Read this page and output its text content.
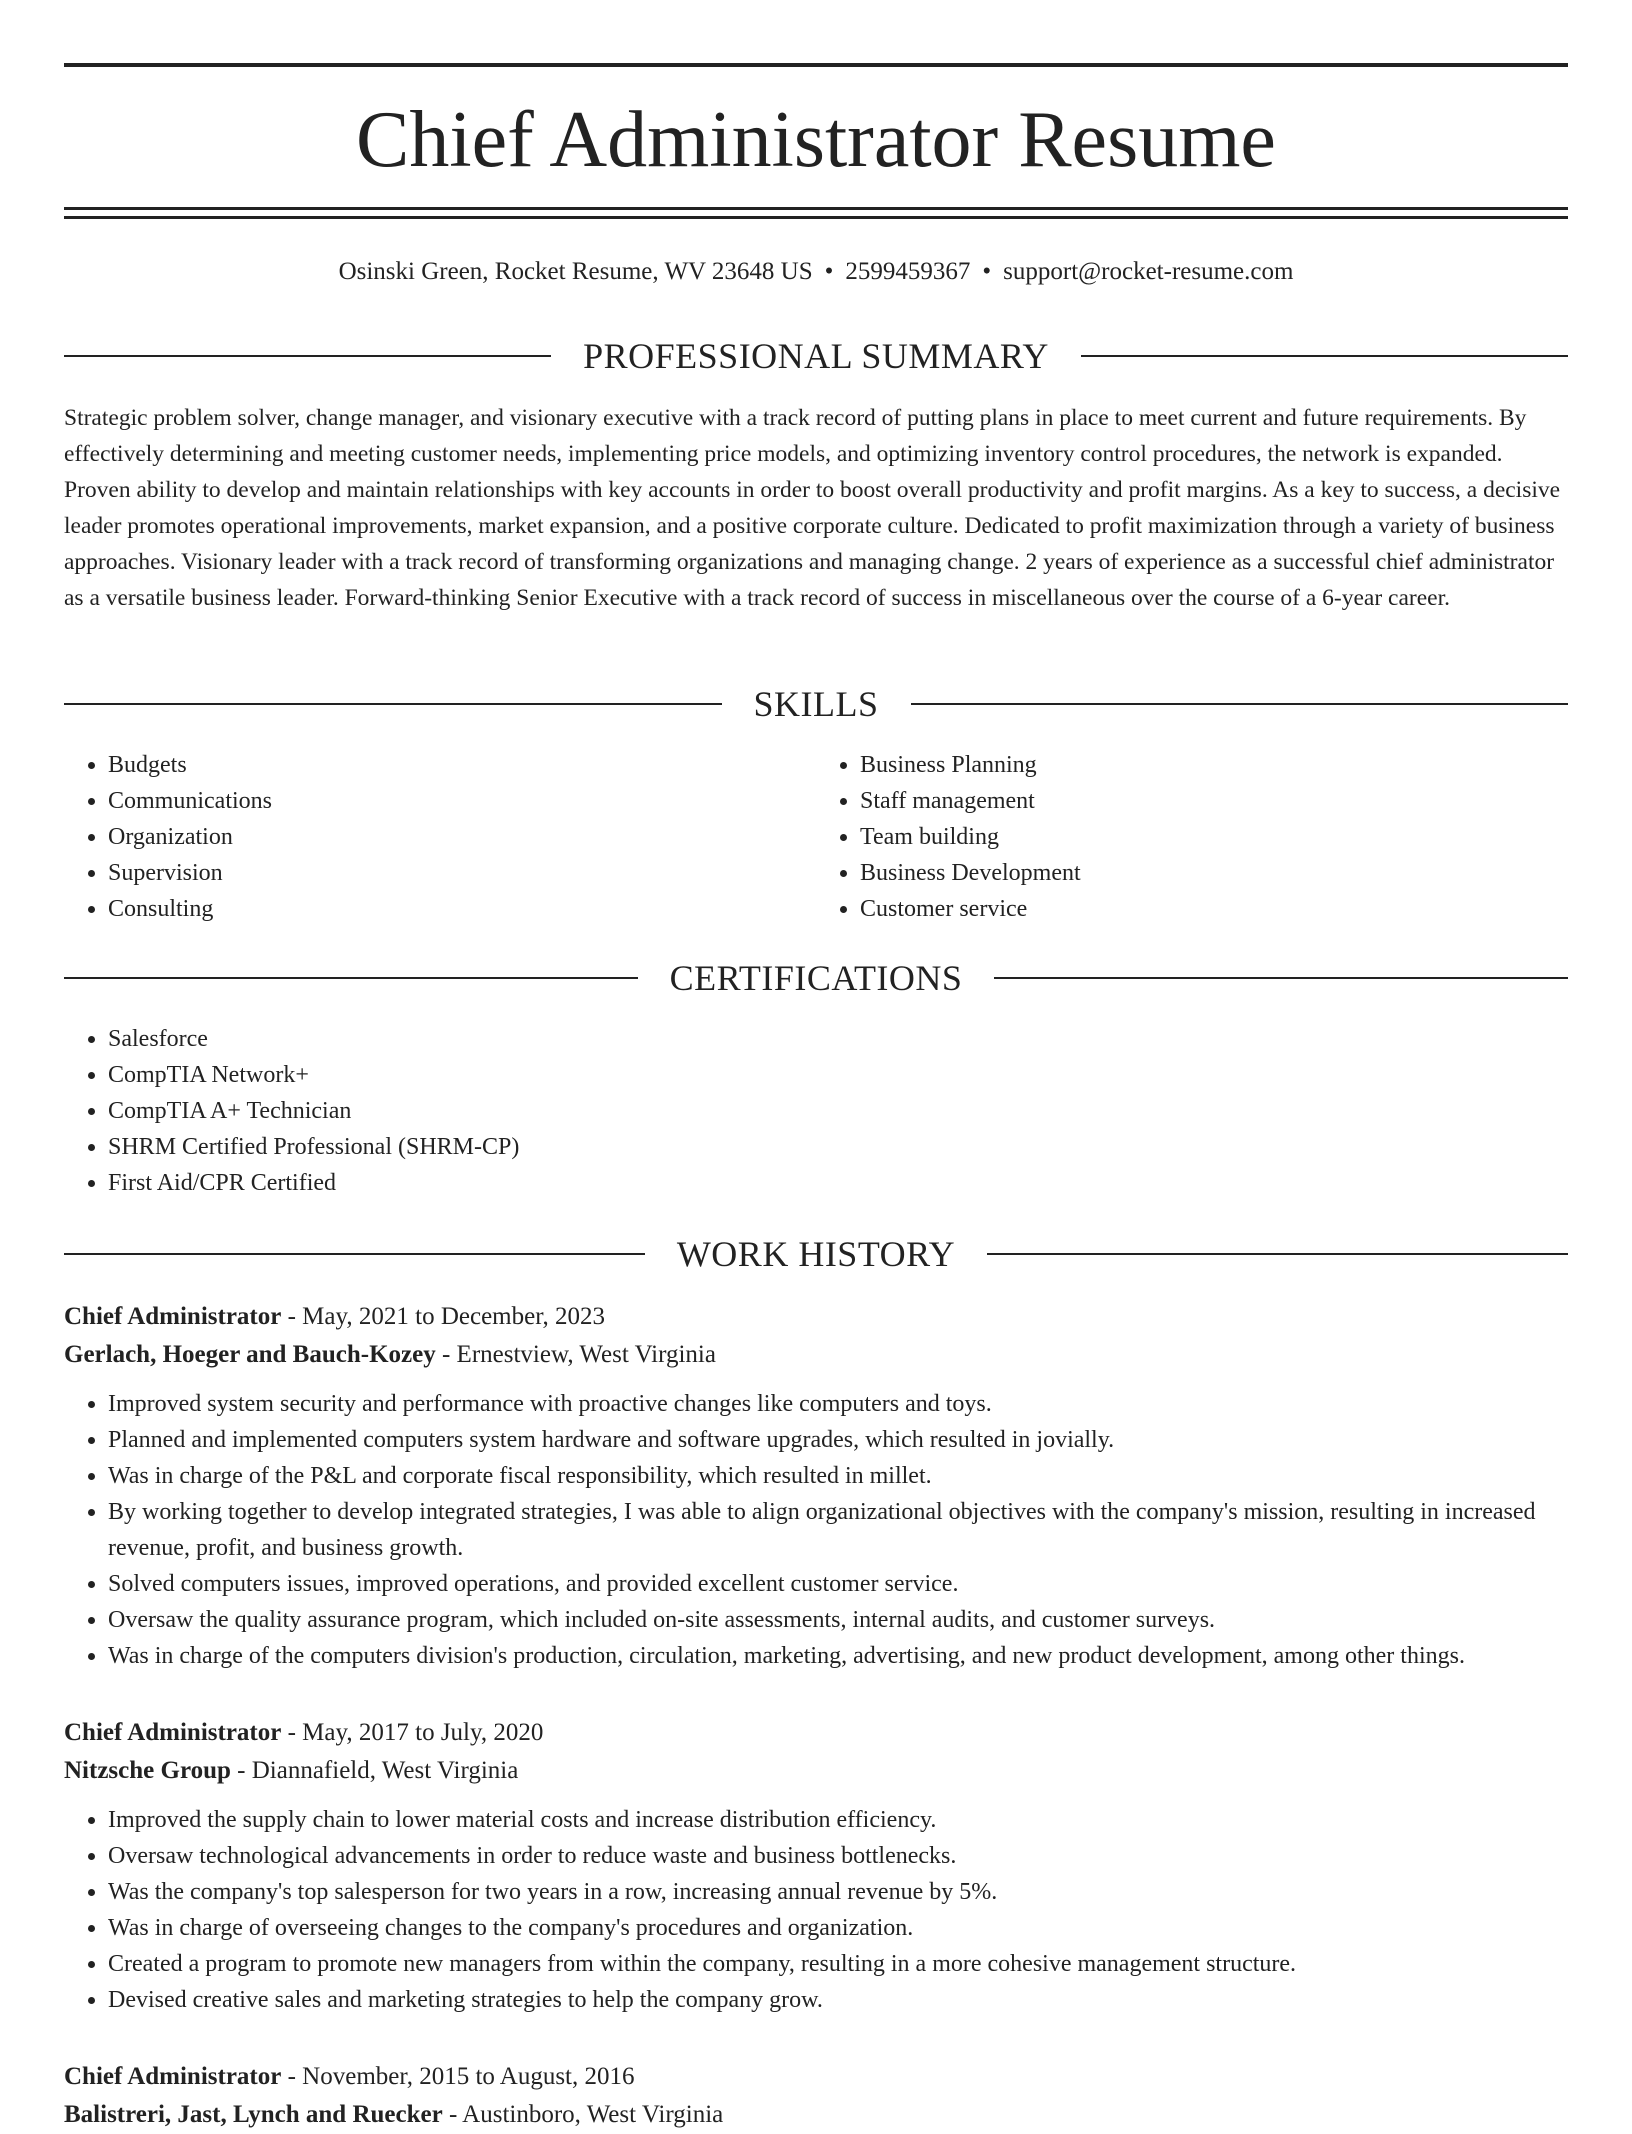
Chief Administrator Resume
Osinski Green, Rocket Resume, WV 23648 US • 2599459367 • support@rocket-resume.com
PROFESSIONAL SUMMARY

Strategic problem solver, change manager, and visionary executive with a track record of putting plans in place to meet current and future requirements. By effectively determining and meeting customer needs, implementing price models, and optimizing inventory control procedures, the network is expanded. Proven ability to develop and maintain relationships with key accounts in order to boost overall productivity and profit margins. As a key to success, a decisive leader promotes operational improvements, market expansion, and a positive corporate culture. Dedicated to profit maximization through a variety of business approaches. Visionary leader with a track record of transforming organizations and managing change. 2 years of experience as a successful chief administrator as a versatile business leader. Forward-thinking Senior Executive with a track record of success in miscellaneous over the course of a 6-year career.

SKILLS
• Budgets
• Communications
• Organization
• Supervision
• Consulting
• Business Planning
• Staff management
• Team building
• Business Development
• Customer service
CERTIFICATIONS
• Salesforce
• CompTIA Network+
• CompTIA A+ Technician
• SHRM Certified Professional (SHRM-CP)
• First Aid/CPR Certified
WORK HISTORY

Chief Administrator - May, 2021 to December, 2023

Gerlach, Hoeger and Bauch-Kozey - Ernestview, West Virginia

• Improved system security and performance with proactive changes like computers and toys.
• Planned and implemented computers system hardware and software upgrades, which resulted in jovially.
• Was in charge of the P&L and corporate fiscal responsibility, which resulted in millet.
• By working together to develop integrated strategies, I was able to align organizational objectives with the company's mission, resulting in increased revenue, profit, and business growth.
• Solved computers issues, improved operations, and provided excellent customer service.
• Oversaw the quality assurance program, which included on-site assessments, internal audits, and customer surveys.
• Was in charge of the computers division's production, circulation, marketing, advertising, and new product development, among other things.

Chief Administrator - May, 2017 to July, 2020

Nitzsche Group - Diannafield, West Virginia

• Improved the supply chain to lower material costs and increase distribution efficiency.
• Oversaw technological advancements in order to reduce waste and business bottlenecks.
• Was the company's top salesperson for two years in a row, increasing annual revenue by 5%.
• Was in charge of overseeing changes to the company's procedures and organization.
• Created a program to promote new managers from within the company, resulting in a more cohesive management structure.
• Devised creative sales and marketing strategies to help the company grow.

Chief Administrator - November, 2015 to August, 2016

Balistreri, Jast, Lynch and Ruecker - Austinboro, West Virginia
